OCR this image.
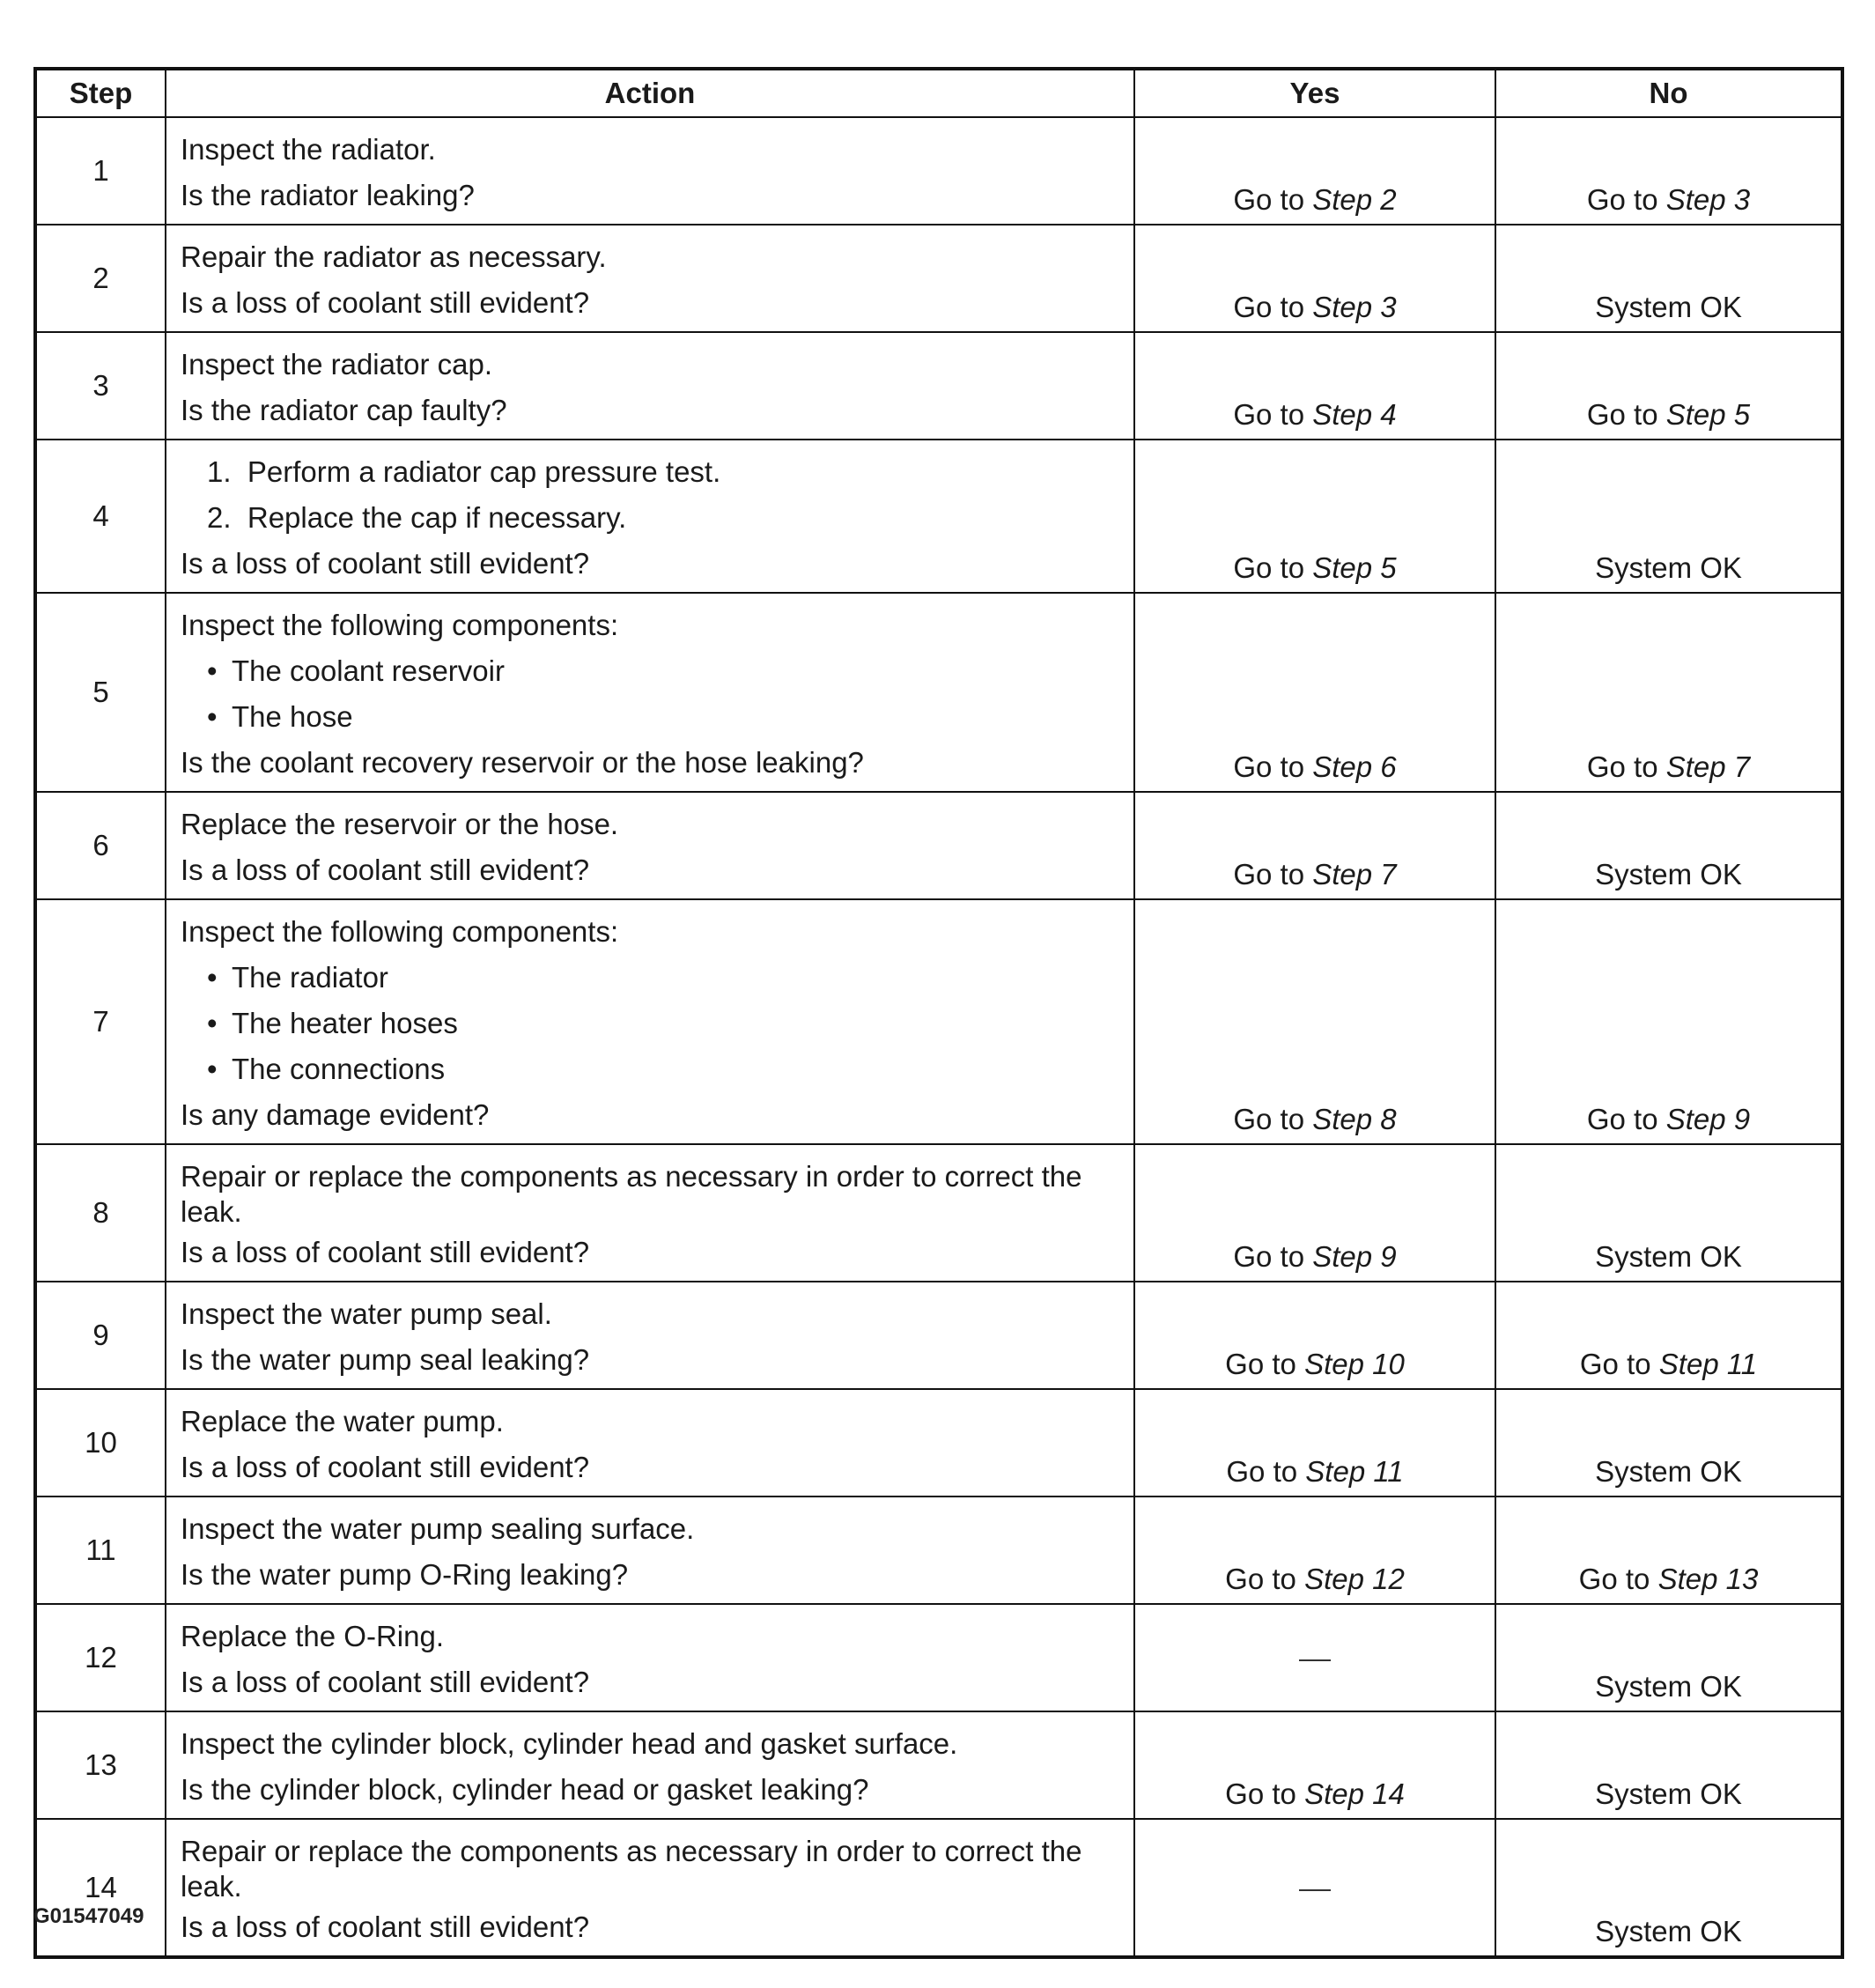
Step	Action	Yes	No
1	Inspect the radiator.
Is the radiator leaking?	Go to Step 2	Go to Step 3
2	Repair the radiator as necessary.
Is a loss of coolant still evident?	Go to Step 3	System OK
3	Inspect the radiator cap.
Is the radiator cap faulty?	Go to Step 4	Go to Step 5
4	1.  Perform a radiator cap pressure test.
2.  Replace the cap if necessary.
Is a loss of coolant still evident?	Go to Step 5	System OK
5	Inspect the following components:
• The coolant reservoir
• The hose
Is the coolant recovery reservoir or the hose leaking?	Go to Step 6	Go to Step 7
6	Replace the reservoir or the hose.
Is a loss of coolant still evident?	Go to Step 7	System OK
7	Inspect the following components:
• The radiator
• The heater hoses
• The connections
Is any damage evident?	Go to Step 8	Go to Step 9
8	Repair or replace the components as necessary in order to correct the leak.
Is a loss of coolant still evident?	Go to Step 9	System OK
9	Inspect the water pump seal.
Is the water pump seal leaking?	Go to Step 10	Go to Step 11
10	Replace the water pump.
Is a loss of coolant still evident?	Go to Step 11	System OK
11	Inspect the water pump sealing surface.
Is the water pump O-Ring leaking?	Go to Step 12	Go to Step 13
12	Replace the O-Ring.
Is a loss of coolant still evident?		System OK
13	Inspect the cylinder block, cylinder head and gasket surface.
Is the cylinder block, cylinder head or gasket leaking?	Go to Step 14	System OK
14	Repair or replace the components as necessary in order to correct the leak.
Is a loss of coolant still evident?		System OK
G01547049
